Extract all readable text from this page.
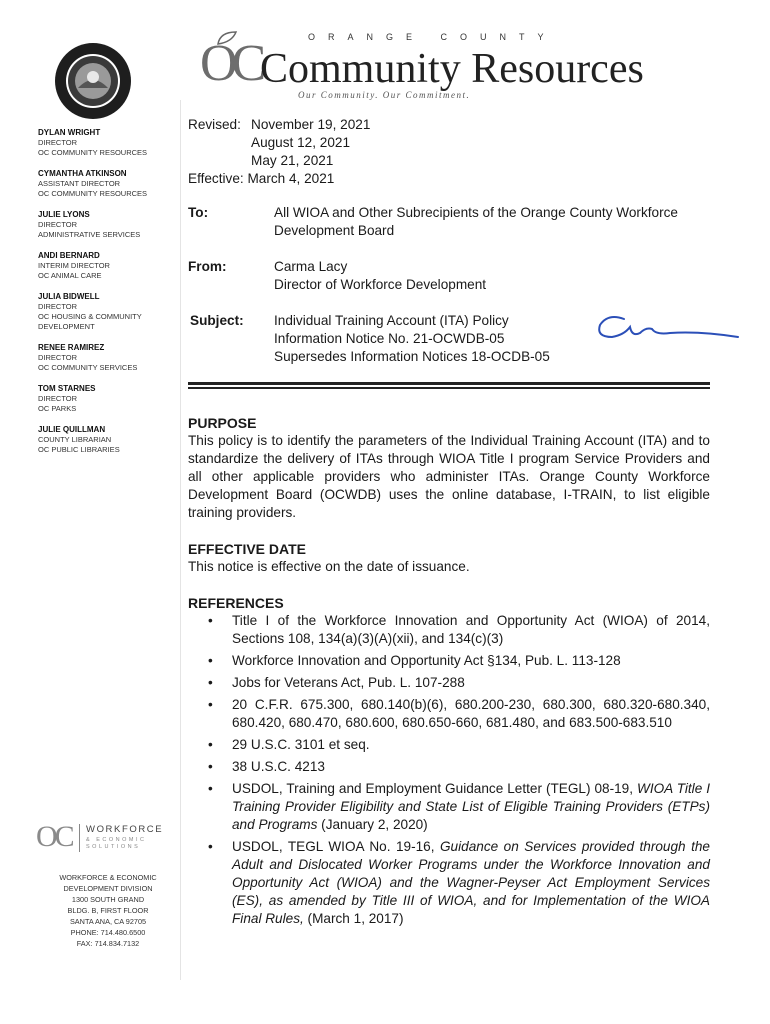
OC	ORANGE COUNTY
Community Resources
Our Community. Our Commitment.
DYLAN WRIGHT
DIRECTOR
OC COMMUNITY RESOURCES
CYMANTHA ATKINSON
ASSISTANT DIRECTOR
OC COMMUNITY RESOURCES
JULIE LYONS
DIRECTOR
ADMINISTRATIVE SERVICES
ANDI BERNARD
INTERIM DIRECTOR
OC ANIMAL CARE
JULIA BIDWELL
DIRECTOR
OC HOUSING & COMMUNITY
DEVELOPMENT
RENEE RAMIREZ
DIRECTOR
OC COMMUNITY SERVICES
TOM STARNES
DIRECTOR
OC PARKS
JULIE QUILLMAN
COUNTY LIBRARIAN
OC PUBLIC LIBRARIES
OC WORKFORCE
& ECONOMIC
SOLUTIONS
WORKFORCE & ECONOMIC
DEVELOPMENT DIVISION
1300 SOUTH GRAND
BLDG. B, FIRST FLOOR
SANTA ANA, CA 92705
PHONE: 714.480.6500
FAX: 714.834.7132
Revised: November 19, 2021
August 12, 2021
May 21, 2021
Effective: March 4, 2021
To:	All WIOA and Other Subrecipients of the Orange County Workforce Development Board
From:	Carma Lacy
Director of Workforce Development
Subject: Individual Training Account (ITA) Policy
Information Notice No. 21-OCWDB-05
Supersedes Information Notices 18-OCDB-05
PURPOSE
This policy is to identify the parameters of the Individual Training Account (ITA) and to standardize the delivery of ITAs through WIOA Title I program Service Providers and all other applicable providers who administer ITAs. Orange County Workforce Development Board (OCWDB) uses the online database, I-TRAIN, to list eligible training providers.
EFFECTIVE DATE
This notice is effective on the date of issuance.
REFERENCES
• Title I of the Workforce Innovation and Opportunity Act (WIOA) of 2014, Sections 108, 134(a)(3)(A)(xii), and 134(c)(3)
• Workforce Innovation and Opportunity Act §134, Pub. L. 113-128
• Jobs for Veterans Act, Pub. L. 107-288
• 20 C.F.R. 675.300, 680.140(b)(6), 680.200-230, 680.300, 680.320-680.340, 680.420, 680.470, 680.600, 680.650-660, 681.480, and 683.500-683.510
• 29 U.S.C. 3101 et seq.
• 38 U.S.C. 4213
• USDOL, Training and Employment Guidance Letter (TEGL) 08-19, WIOA Title I Training Provider Eligibility and State List of Eligible Training Providers (ETPs) and Programs (January 2, 2020)
• USDOL, TEGL WIOA No. 19-16, Guidance on Services provided through the Adult and Dislocated Worker Programs under the Workforce Innovation and Opportunity Act (WIOA) and the Wagner-Peyser Act Employment Services (ES), as amended by Title III of WIOA, and for Implementation of the WIOA Final Rules, (March 1, 2017)
